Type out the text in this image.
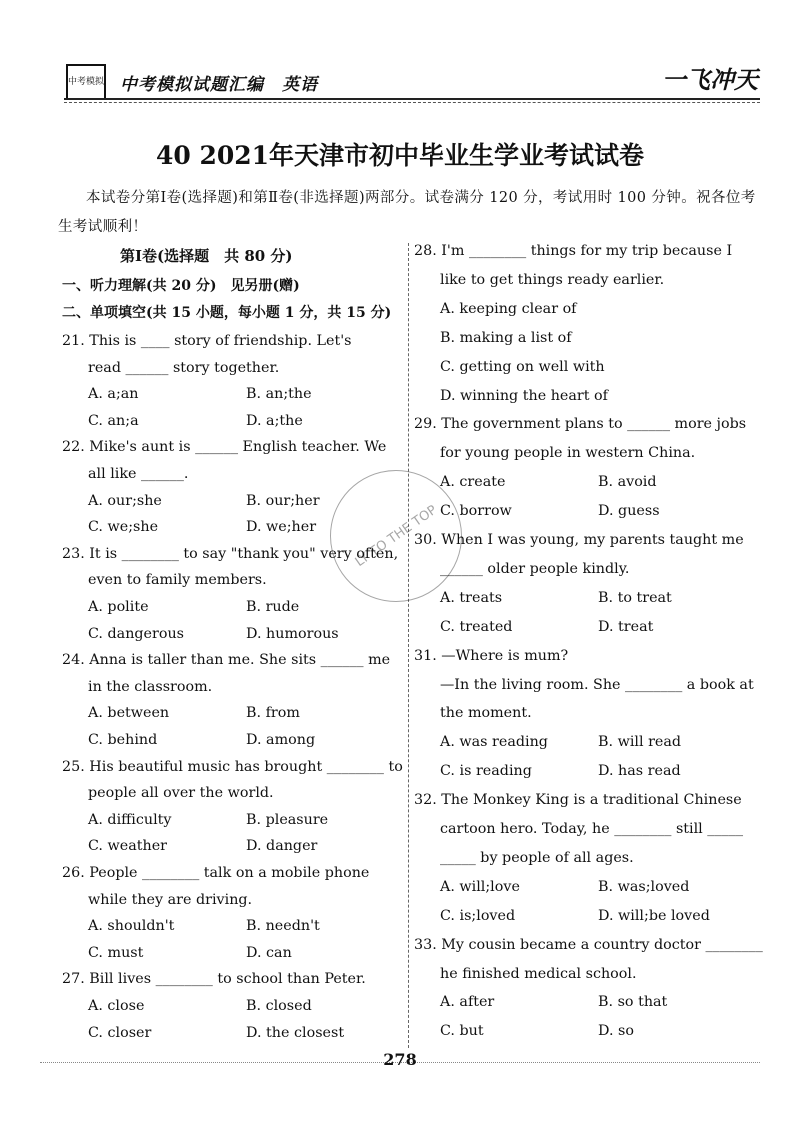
中考模拟 中考模拟试题汇编　英语	一飞冲天
40 2021年天津市初中毕业生学业考试试卷
本试卷分第Ⅰ卷(选择题)和第Ⅱ卷(非选择题)两部分。试卷满分 120 分，考试用时 100 分钟。祝各位考生考试顺利！
第Ⅰ卷(选择题　共 80 分)
一、听力理解(共 20 分)　见另册(赠)
二、单项填空(共 15 小题，每小题 1 分，共 15 分)
21. This is ____ story of friendship. Let's
read ______ story together.
A. a;an	B. an;the
C. an;a	D. a;the
22. Mike's aunt is ______ English teacher. We
all like ______.
A. our;she	B. our;her
C. we;she	D. we;her
23. It is ________ to say "thank you" very often,
even to family members.
A. polite	B. rude
C. dangerous	D. humorous
24. Anna is taller than me. She sits ______ me
in the classroom.
A. between	B. from
C. behind	D. among
25. His beautiful music has brought ________ to
people all over the world.
A. difficulty	B. pleasure
C. weather	D. danger
26. People ________ talk on a mobile phone
while they are driving.
A. shouldn't	B. needn't
C. must	D. can
27. Bill lives ________ to school than Peter.
A. close	B. closed
C. closer	D. the closest
28. I'm ________ things for my trip because I
like to get things ready earlier.
A. keeping clear of
B. making a list of
C. getting on well with
D. winning the heart of
29. The government plans to ______ more jobs
for young people in western China.
A. create	B. avoid
C. borrow	D. guess
30. When I was young, my parents taught me
______ older people kindly.
A. treats	B. to treat
C. treated	D. treat
31. —Where is mum?
—In the living room. She ________ a book at
the moment.
A. was reading	B. will read
C. is reading	D. has read
32. The Monkey King is a traditional Chinese
cartoon hero. Today, he ________ still _____
_____ by people of all ages.
A. will;love	B. was;loved
C. is;loved	D. will;be loved
33. My cousin became a country doctor ________
he finished medical school.
A. after	B. so that
C. but	D. so
LY TO THE TOP
278
